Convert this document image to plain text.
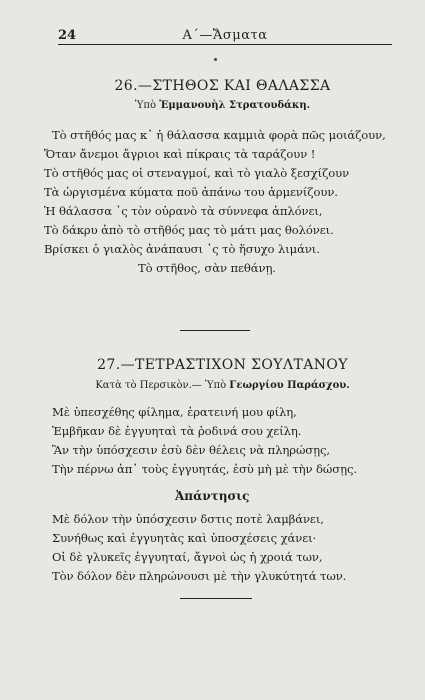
24	Α΄—Ἄσματα
26.—ΣΤΗΘΟΣ ΚΑΙ ΘΑΛΑΣΣΑ
Ὑπὸ Ἐμμανουὴλ Στρατουδάκη.
Τὸ στῆθός μας κ᾽ ἡ θάλασσα καμμιὰ φορὰ πῶς μοιάζουν,
Ὅταν ἄνεμοι ἄγριοι καὶ πίκραις τὰ ταράζουν !
Τὸ στῆθός μας οἱ στεναγμοί, καὶ τὸ γιαλὸ ξεσχίζουν
Τὰ ὠργισμένα κύματα ποῦ ἀπάνω του ἀρμενίζουν.
Ἡ θάλασσα ῾ς τὸν οὐρανὸ τὰ σύννεφα ἁπλόνει,
Τὸ δάκρυ ἀπὸ τὸ στῆθός μας τὸ μάτι μας θολόνει.
Βρίσκει ὁ γιαλὸς ἀνάπαυσι ῾ς τὸ ἥσυχο λιμάνι.
Τὸ στῆθος, σὰν πεθάνῃ.
27.—ΤΕΤΡΑΣΤΙΧΟΝ ΣΟΥΛΤΑΝΟΥ
Κατὰ τὸ Περσικὸν.— Ὑπὸ Γεωργίου Παράσχου.
Μὲ ὑπεσχέθης φίλημα, ἐρατεινή μου φίλη,
Ἐμβῆκαν δὲ ἐγγυηταὶ τὰ ῥοδινά σου χείλη.
Ἂν τὴν ὑπόσχεσιν ἐσὺ δὲν θέλεις νὰ πληρώσῃς,
Τὴν πέρνω ἀπ᾽ τοὺς ἐγγυητάς, ἐσὺ μὴ μὲ τὴν δώσῃς.
Ἀπάντησις
Μὲ δόλον τὴν ὑπόσχεσιν δστις ποτὲ λαμβάνει,
Συνήθως καὶ ἐγγυητὰς καὶ ὑποσχέσεις χάνει·
Οἱ δὲ γλυκεῖς ἐγγυηταί, ἄγνοὶ ὡς ἡ χροιά των,
Τὸν δόλον δὲν πληρώνουσι μὲ τὴν γλυκύτητά των.
